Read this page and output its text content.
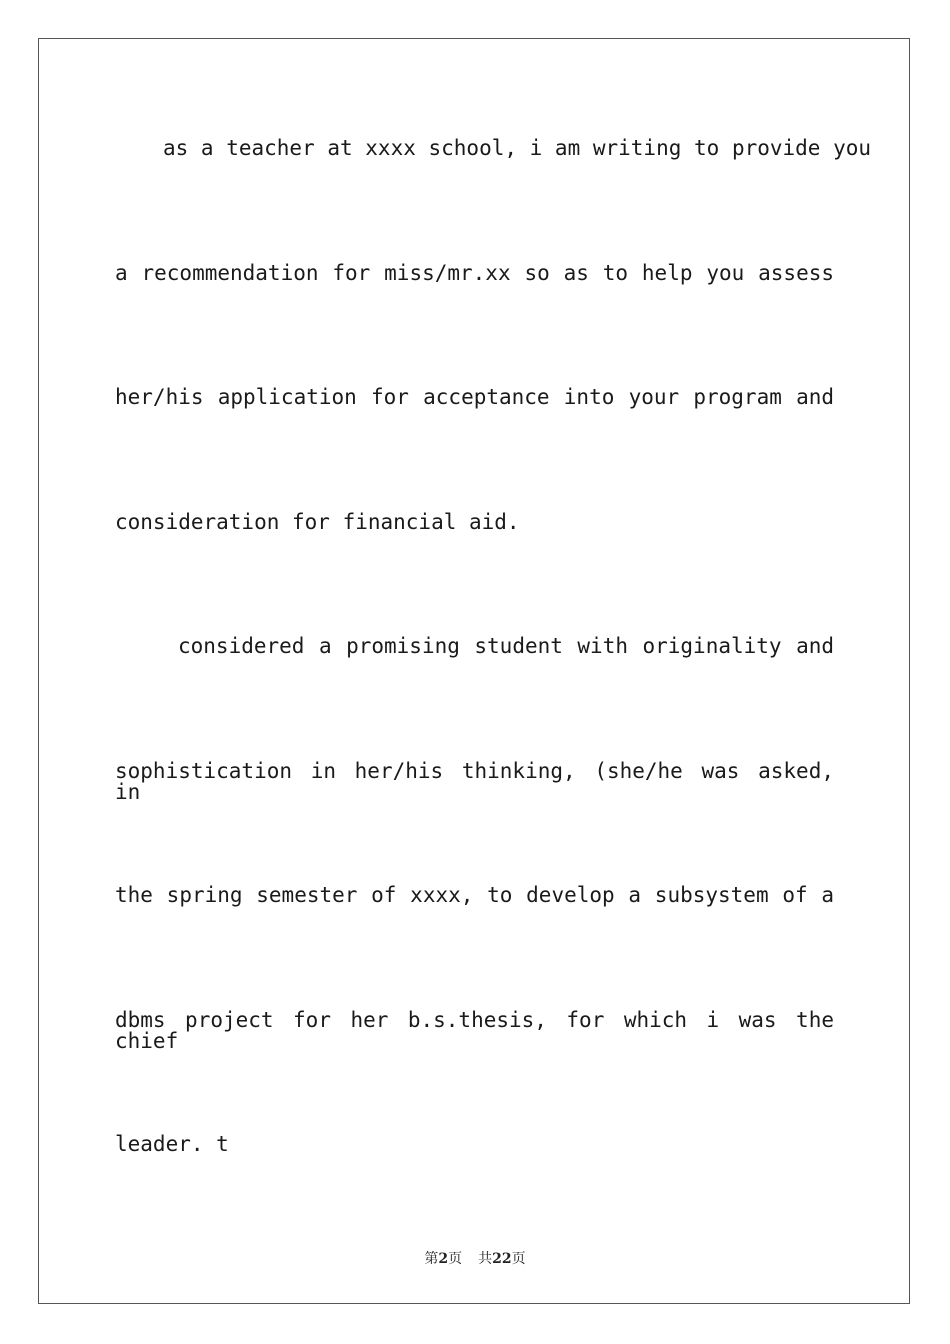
as a teacher at xxxx school, i am writing to provide you
a recommendation for miss/mr.xx so as to help you assess
her/his application for acceptance into your program and
consideration for financial aid.
considered a promising student with originality and
sophistication in her/his thinking, (she/he was asked, in
the spring semester of xxxx, to develop a subsystem of a
dbms project for her b.s.thesis, for which i was the chief
leader. t
第2页 共22页
